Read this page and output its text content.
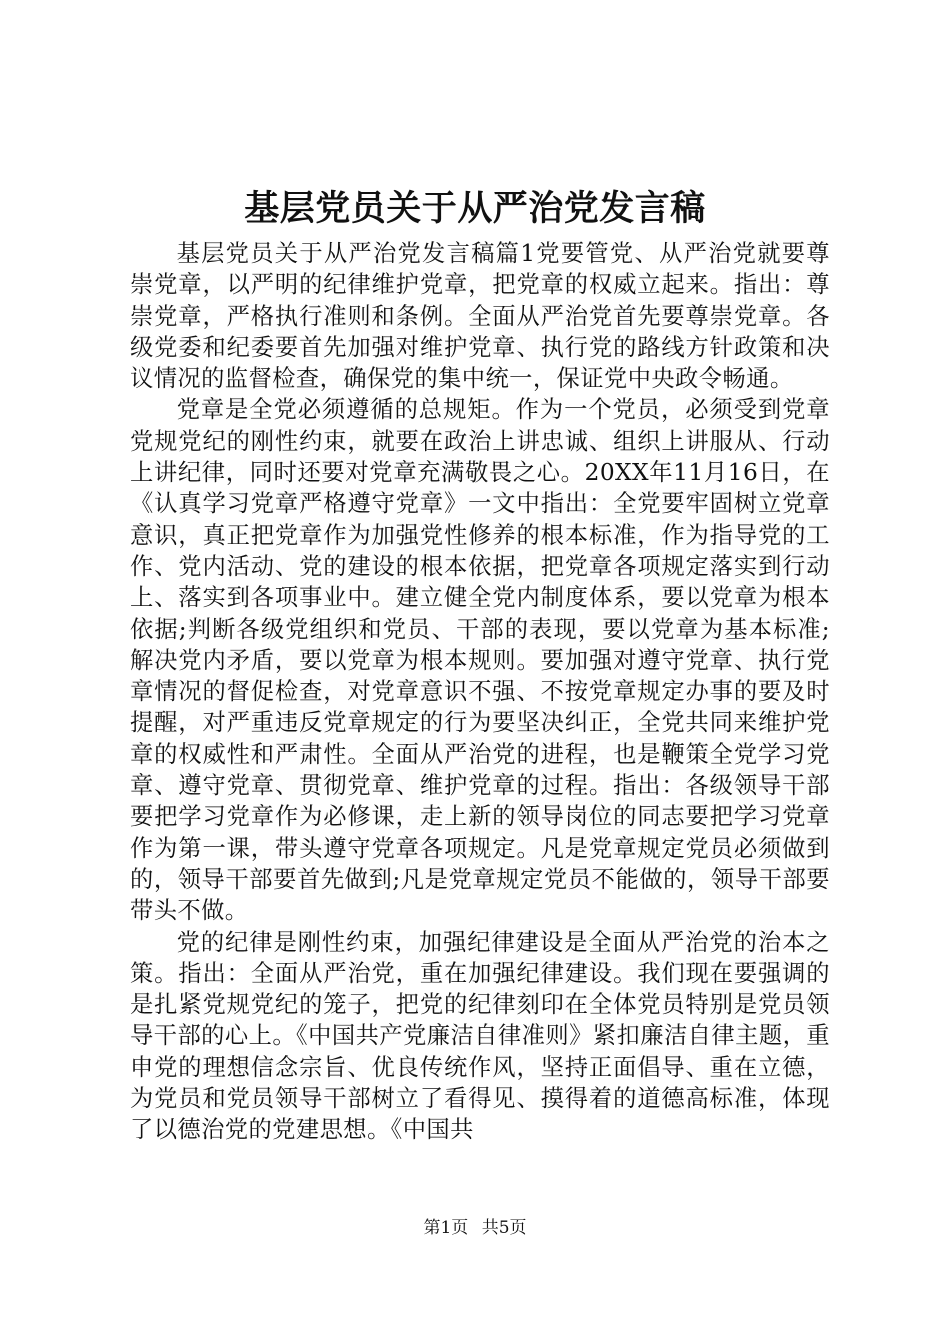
基层党员关于从严治党发言稿

基层党员关于从严治党发言稿篇1党要管党、从严治党就要尊崇党章，以严明的纪律维护党章，把党章的权威立起来。指出：尊崇党章，严格执行准则和条例。全面从严治党首先要尊崇党章。各级党委和纪委要首先加强对维护党章、执行党的路线方针政策和决议情况的监督检查，确保党的集中统一，保证党中央政令畅通。

党章是全党必须遵循的总规矩。作为一个党员，必须受到党章党规党纪的刚性约束，就要在政治上讲忠诚、组织上讲服从、行动上讲纪律，同时还要对党章充满敬畏之心。20XX年11月16日，在《认真学习党章严格遵守党章》一文中指出：全党要牢固树立党章意识，真正把党章作为加强党性修养的根本标准，作为指导党的工作、党内活动、党的建设的根本依据，把党章各项规定落实到行动上、落实到各项事业中。建立健全党内制度体系，要以党章为根本依据;判断各级党组织和党员、干部的表现，要以党章为基本标准;解决党内矛盾，要以党章为根本规则。要加强对遵守党章、执行党章情况的督促检查，对党章意识不强、不按党章规定办事的要及时提醒，对严重违反党章规定的行为要坚决纠正，全党共同来维护党章的权威性和严肃性。全面从严治党的进程，也是鞭策全党学习党章、遵守党章、贯彻党章、维护党章的过程。指出：各级领导干部要把学习党章作为必修课，走上新的领导岗位的同志要把学习党章作为第一课，带头遵守党章各项规定。凡是党章规定党员必须做到的，领导干部要首先做到;凡是党章规定党员不能做的，领导干部要带头不做。

党的纪律是刚性约束，加强纪律建设是全面从严治党的治本之策。指出：全面从严治党，重在加强纪律建设。我们现在要强调的是扎紧党规党纪的笼子，把党的纪律刻印在全体党员特别是党员领导干部的心上。《中国共产党廉洁自律准则》紧扣廉洁自律主题，重申党的理想信念宗旨、优良传统作风，坚持正面倡导、重在立德，为党员和党员领导干部树立了看得见、摸得着的道德高标准，体现了以德治党的党建思想。《中国共

第1页 共5页
